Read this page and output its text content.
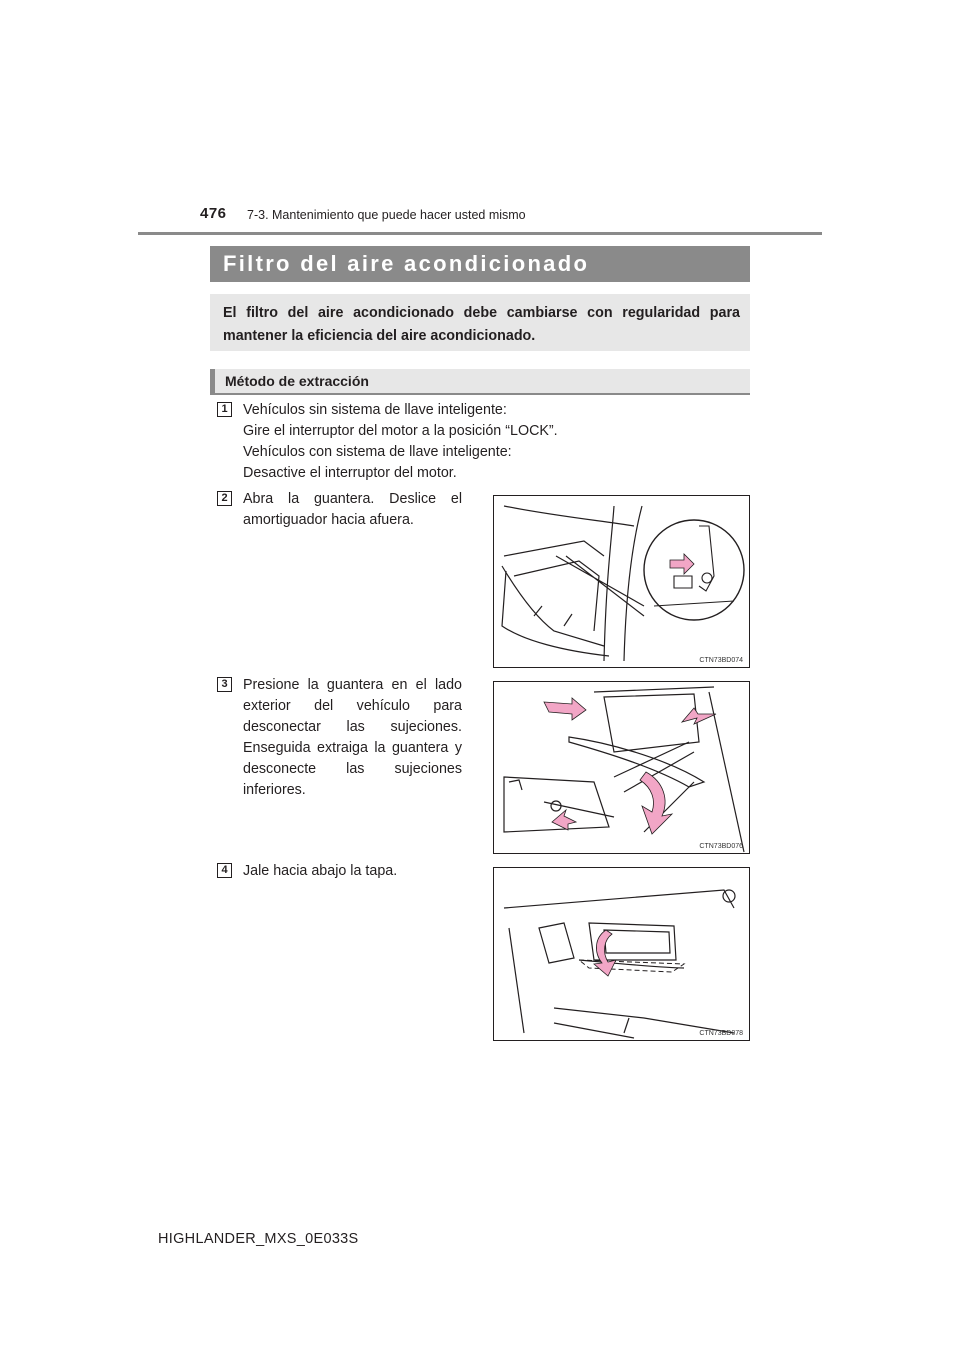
476 7-3. Mantenimiento que puede hacer usted mismo
Filtro del aire acondicionado
El filtro del aire acondicionado debe cambiarse con regularidad para mantener la eficiencia del aire acondicionado.
Método de extracción
1	Vehículos sin sistema de llave inteligente:
Gire el interruptor del motor a la posición “LOCK”.
Vehículos con sistema de llave inteligente:
Desactive el interruptor del motor.
2	Abra la guantera. Deslice el amortiguador hacia afuera.
CTN73BD074
3	Presione la guantera en el lado exterior del vehículo para desconectar las sujeciones. Enseguida extraiga la guantera y desconecte las sujeciones inferiores.
CTN73BD076
4	Jale hacia abajo la tapa.
CTN73BD078
HIGHLANDER_MXS_0E033S
